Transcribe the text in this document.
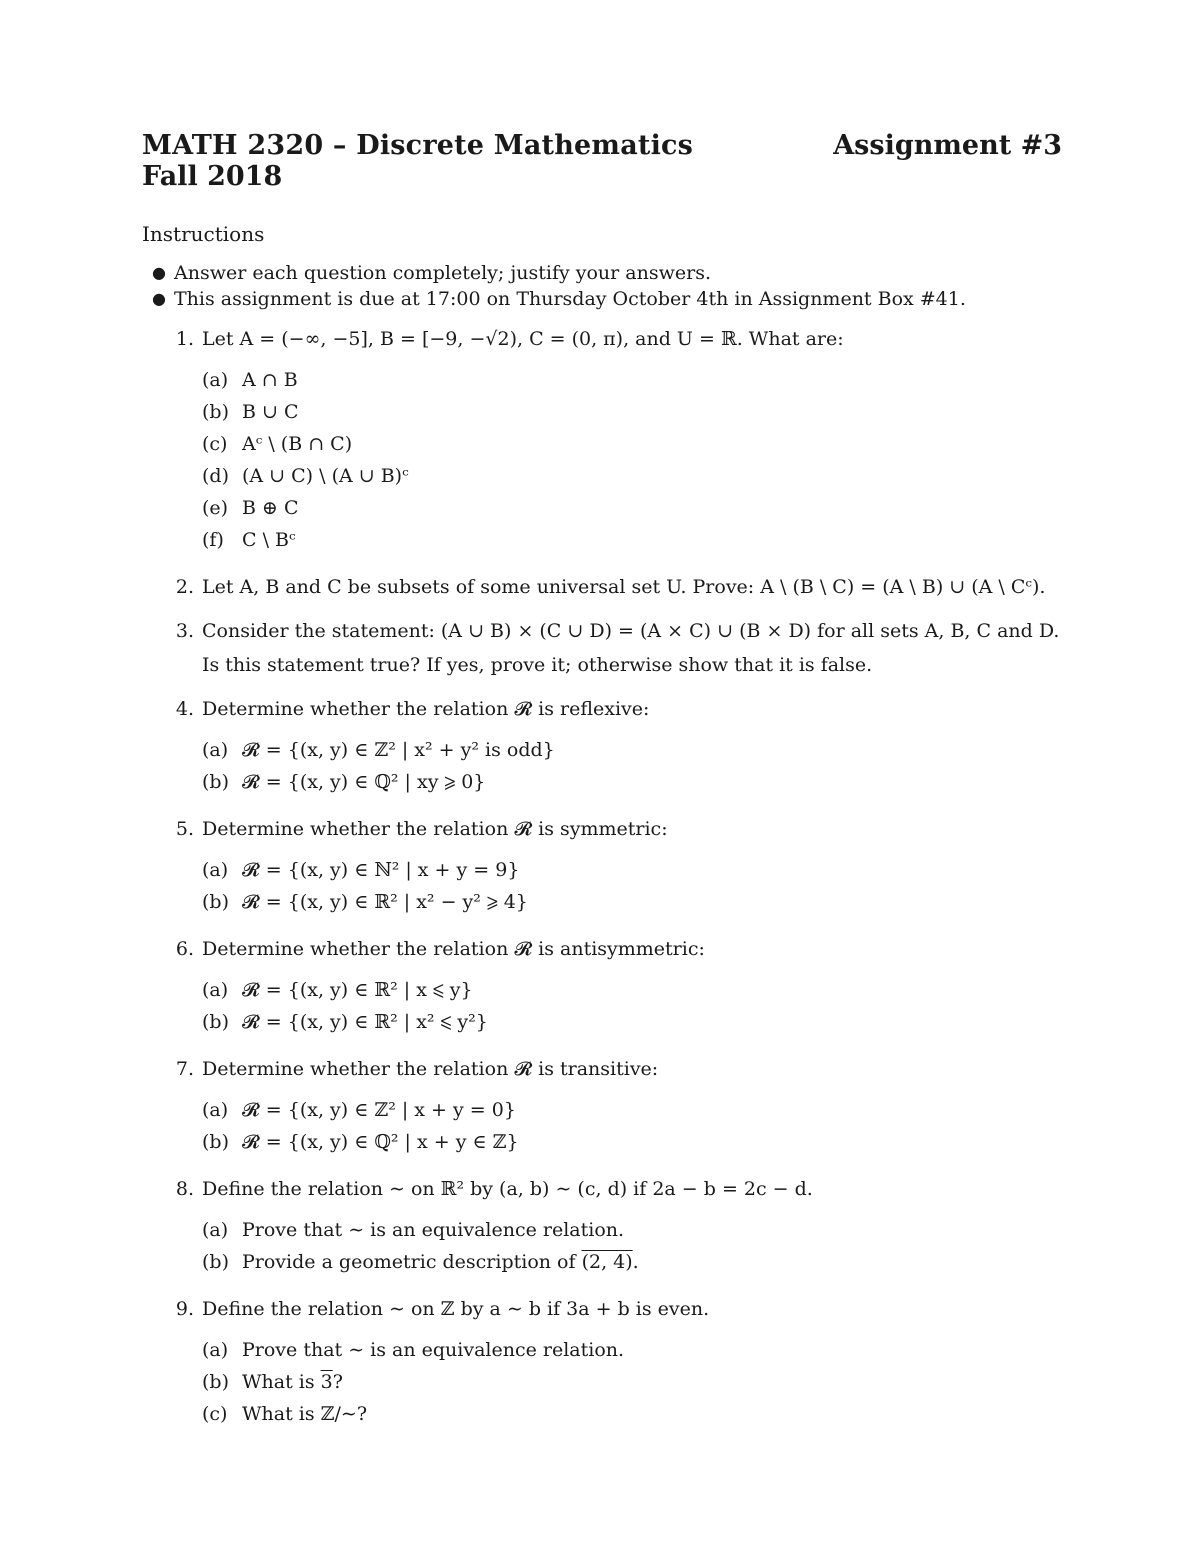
MATH 2320 – Discrete Mathematics	Assignment #3
Fall 2018
Instructions
● Answer each question completely; justify your answers.
● This assignment is due at 17:00 on Thursday October 4th in Assignment Box #41.
1. Let A = (−∞, −5], B = [−9, −√2), C = (0, π), and U = ℝ. What are:
(a) A ∩ B
(b) B ∪ C
(c) Aᶜ \ (B ∩ C)
(d) (A ∪ C) \ (A ∪ B)ᶜ
(e) B ⊕ C
(f) C \ Bᶜ
2. Let A, B and C be subsets of some universal set U. Prove: A \ (B \ C) = (A \ B) ∪ (A \ Cᶜ).
3. Consider the statement: (A ∪ B) × (C ∪ D) = (A × C) ∪ (B × D) for all sets A, B, C and D.
Is this statement true? If yes, prove it; otherwise show that it is false.
4. Determine whether the relation 𝓡 is reflexive:
(a) 𝓡 = {(x, y) ∈ ℤ² | x² + y² is odd}
(b) 𝓡 = {(x, y) ∈ ℚ² | xy ⩾ 0}
5. Determine whether the relation 𝓡 is symmetric:
(a) 𝓡 = {(x, y) ∈ ℕ² | x + y = 9}
(b) 𝓡 = {(x, y) ∈ ℝ² | x² − y² ⩾ 4}
6. Determine whether the relation 𝓡 is antisymmetric:
(a) 𝓡 = {(x, y) ∈ ℝ² | x ⩽ y}
(b) 𝓡 = {(x, y) ∈ ℝ² | x² ⩽ y²}
7. Determine whether the relation 𝓡 is transitive:
(a) 𝓡 = {(x, y) ∈ ℤ² | x + y = 0}
(b) 𝓡 = {(x, y) ∈ ℚ² | x + y ∈ ℤ}
8. Define the relation ∼ on ℝ² by (a, b) ∼ (c, d) if 2a − b = 2c − d.
(a) Prove that ∼ is an equivalence relation.
(b) Provide a geometric description of (2, 4).
9. Define the relation ∼ on ℤ by a ∼ b if 3a + b is even.
(a) Prove that ∼ is an equivalence relation.
(b) What is 3?
(c) What is ℤ/∼?
